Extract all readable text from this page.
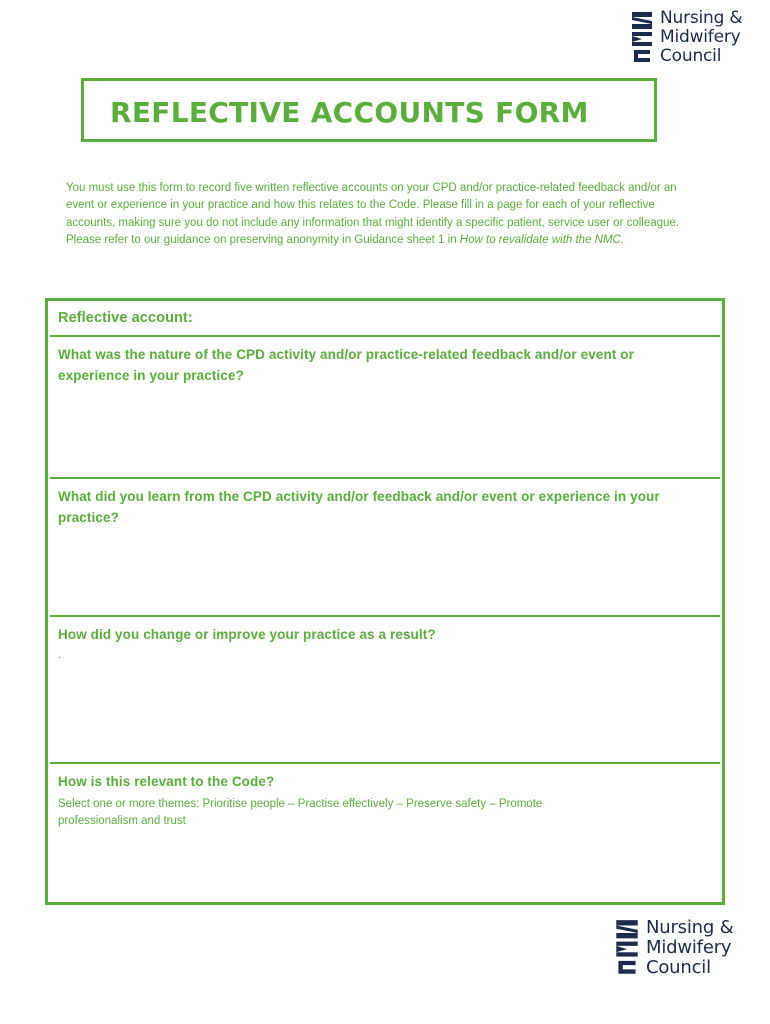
Nursing &
Midwifery
Council
REFLECTIVE ACCOUNTS FORM

You must use this form to record five written reflective accounts on your CPD and/or practice-related feedback and/or an event or experience in your practice and how this relates to the Code. Please fill in a page for each of your reflective accounts, making sure you do not include any information that might identify a specific patient, service user or colleague. Please refer to our guidance on preserving anonymity in Guidance sheet 1 in How to revalidate with the NMC.

Reflective account:
What was the nature of the CPD activity and/or practice-related feedback and/or event or experience in your practice?
What did you learn from the CPD activity and/or feedback and/or event or experience in your practice?
How did you change or improve your practice as a result?
.
How is this relevant to the Code?
Select one or more themes: Prioritise people – Practise effectively – Preserve safety – Promote professionalism and trust
Nursing &
Midwifery
Council
